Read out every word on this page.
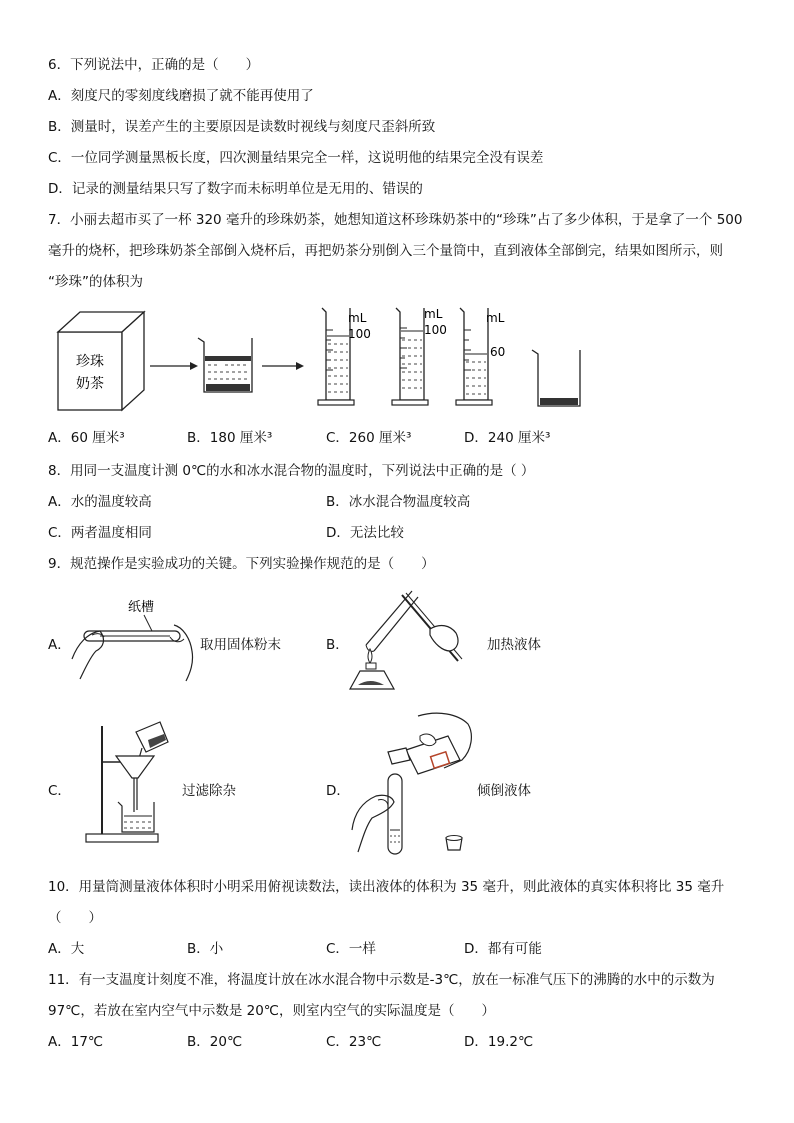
6．下列说法中，正确的是（　　）
A．刻度尺的零刻度线磨损了就不能再使用了
B．测量时，误差产生的主要原因是读数时视线与刻度尺歪斜所致
C．一位同学测量黑板长度，四次测量结果完全一样，这说明他的结果完全没有误差
D．记录的测量结果只写了数字而未标明单位是无用的、错误的
7．小丽去超市买了一杯 320 毫升的珍珠奶茶，她想知道这杯珍珠奶茶中的“珍珠”占了多少体积，于是拿了一个 500
毫升的烧杯，把珍珠奶茶全部倒入烧杯后，再把奶茶分别倒入三个量筒中，直到液体全部倒完，结果如图所示，则
“珍珠”的体积为
珍珠
奶茶
mL
100
mL
100
mL
60
A．60 厘米³	B．180 厘米³	C．260 厘米³	D．240 厘米³
8．用同一支温度计测 0℃的水和冰水混合物的温度时，下列说法中正确的是（ ）
A．水的温度较高	B．冰水混合物温度较高
C．两者温度相同	D．无法比较
9．规范操作是实验成功的关键。下列实验操作规范的是（　　）
A．
纸槽
取用固体粉末	B．	加热液体
C．	过滤除杂	D．	倾倒液体
10．用量筒测量液体体积时小明采用俯视读数法，读出液体的体积为 35 毫升，则此液体的真实体积将比 35 毫升
（　　）
A．大	B．小	C．一样	D．都有可能
11．有一支温度计刻度不准，将温度计放在冰水混合物中示数是-3℃，放在一标准气压下的沸腾的水中的示数为
97℃，若放在室内空气中示数是 20℃，则室内空气的实际温度是（　　）
A．17℃	B．20℃	C．23℃	D．19.2℃
